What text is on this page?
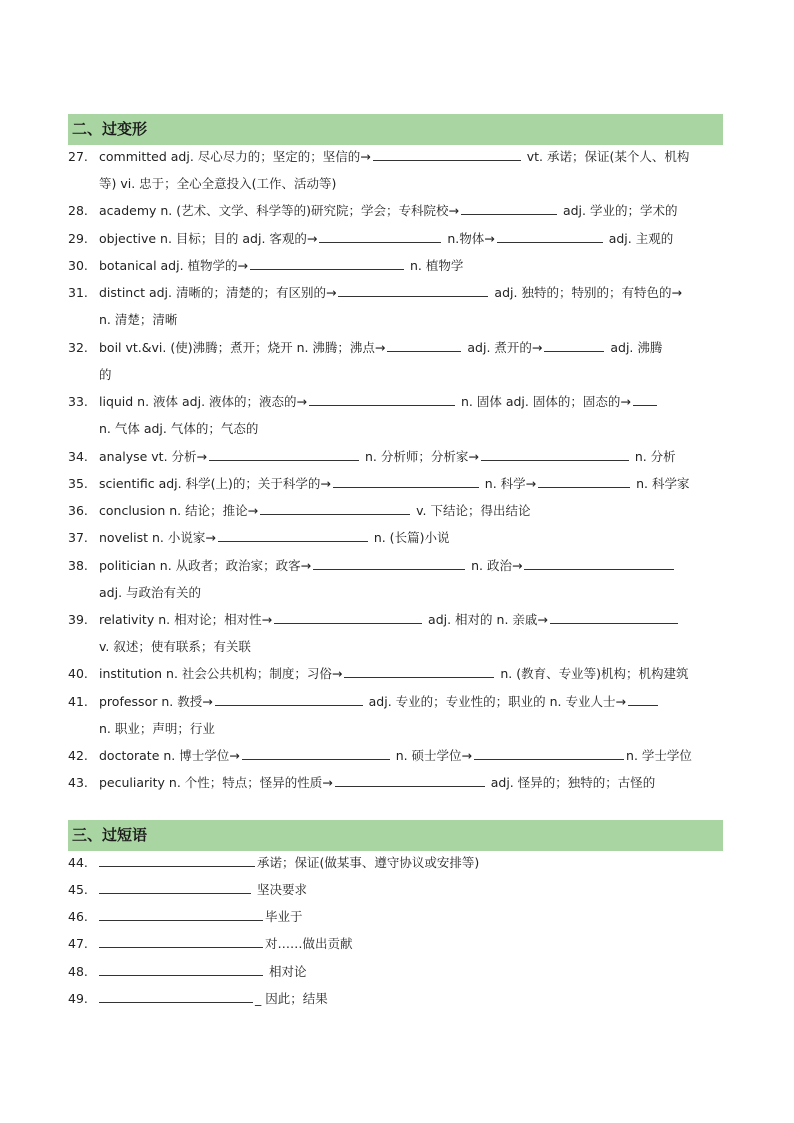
二、过变形
27. committed adj. 尽心尽力的；坚定的；坚信的→	vt. 承诺；保证(某个人、机构
等) vi. 忠于；全心全意投入(工作、活动等)
28. academy n. (艺术、文学、科学等的)研究院；学会；专科院校→	adj. 学业的；学术的
29. objective n. 目标；目的 adj. 客观的→	n.物体→	adj. 主观的
30. botanical adj. 植物学的→	n. 植物学
31. distinct adj. 清晰的；清楚的；有区别的→	adj. 独特的；特别的；有特色的→
n. 清楚；清晰
32. boil vt.&vi. (使)沸腾；煮开；烧开 n. 沸腾；沸点→	adj. 煮开的→	adj. 沸腾
的
33. liquid n. 液体 adj. 液体的；液态的→	n. 固体 adj. 固体的；固态的→
n. 气体 adj. 气体的；气态的
34. analyse vt. 分析→	n. 分析师；分析家→	n. 分析
35. scientific adj. 科学(上)的；关于科学的→	n. 科学→	n. 科学家
36. conclusion n. 结论；推论→	v. 下结论；得出结论
37. novelist n. 小说家→	n. (长篇)小说
38. politician n. 从政者；政治家；政客→	n. 政治→
adj. 与政治有关的
39. relativity n. 相对论；相对性→	adj. 相对的 n. 亲戚→
v. 叙述；使有联系；有关联
40. institution n. 社会公共机构；制度；习俗→	n. (教育、专业等)机构；机构建筑
41. professor n. 教授→	adj. 专业的；专业性的；职业的 n. 专业人士→
n. 职业；声明；行业
42. doctorate n. 博士学位→	n. 硕士学位→	n. 学士学位
43. peculiarity n. 个性；特点；怪异的性质→	adj. 怪异的；独特的；古怪的
三、过短语
44.	承诺；保证(做某事、遵守协议或安排等)
45.	坚决要求
46.	毕业于
47.	对……做出贡献
48.	相对论
49.	_ 因此；结果
